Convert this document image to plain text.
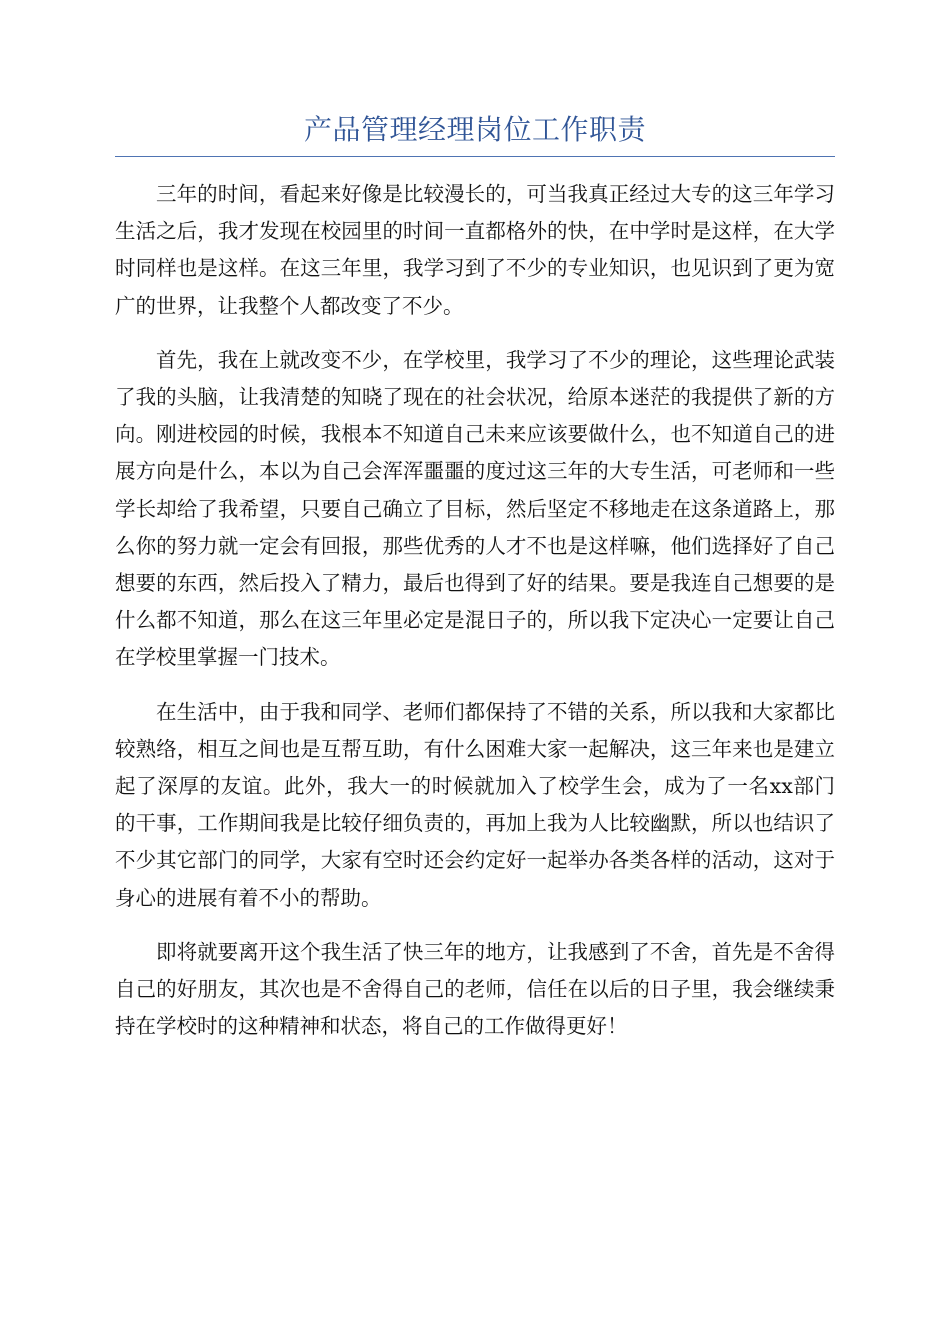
产品管理经理岗位工作职责

三年的时间，看起来好像是比较漫长的，可当我真正经过大专的这三年学习生活之后，我才发现在校园里的时间一直都格外的快，在中学时是这样，在大学时同样也是这样。在这三年里，我学习到了不少的专业知识，也见识到了更为宽广的世界，让我整个人都改变了不少。

首先，我在上就改变不少，在学校里，我学习了不少的理论，这些理论武装了我的头脑，让我清楚的知晓了现在的社会状况，给原本迷茫的我提供了新的方向。刚进校园的时候，我根本不知道自己未来应该要做什么，也不知道自己的进展方向是什么，本以为自己会浑浑噩噩的度过这三年的大专生活，可老师和一些学长却给了我希望，只要自己确立了目标，然后坚定不移地走在这条道路上，那么你的努力就一定会有回报，那些优秀的人才不也是这样嘛，他们选择好了自己想要的东西，然后投入了精力，最后也得到了好的结果。要是我连自己想要的是什么都不知道，那么在这三年里必定是混日子的，所以我下定决心一定要让自己在学校里掌握一门技术。

在生活中，由于我和同学、老师们都保持了不错的关系，所以我和大家都比较熟络，相互之间也是互帮互助，有什么困难大家一起解决，这三年来也是建立起了深厚的友谊。此外，我大一的时候就加入了校学生会，成为了一名xx部门的干事，工作期间我是比较仔细负责的，再加上我为人比较幽默，所以也结识了不少其它部门的同学，大家有空时还会约定好一起举办各类各样的活动，这对于身心的进展有着不小的帮助。

即将就要离开这个我生活了快三年的地方，让我感到了不舍，首先是不舍得自己的好朋友，其次也是不舍得自己的老师，信任在以后的日子里，我会继续秉持在学校时的这种精神和状态，将自己的工作做得更好！
